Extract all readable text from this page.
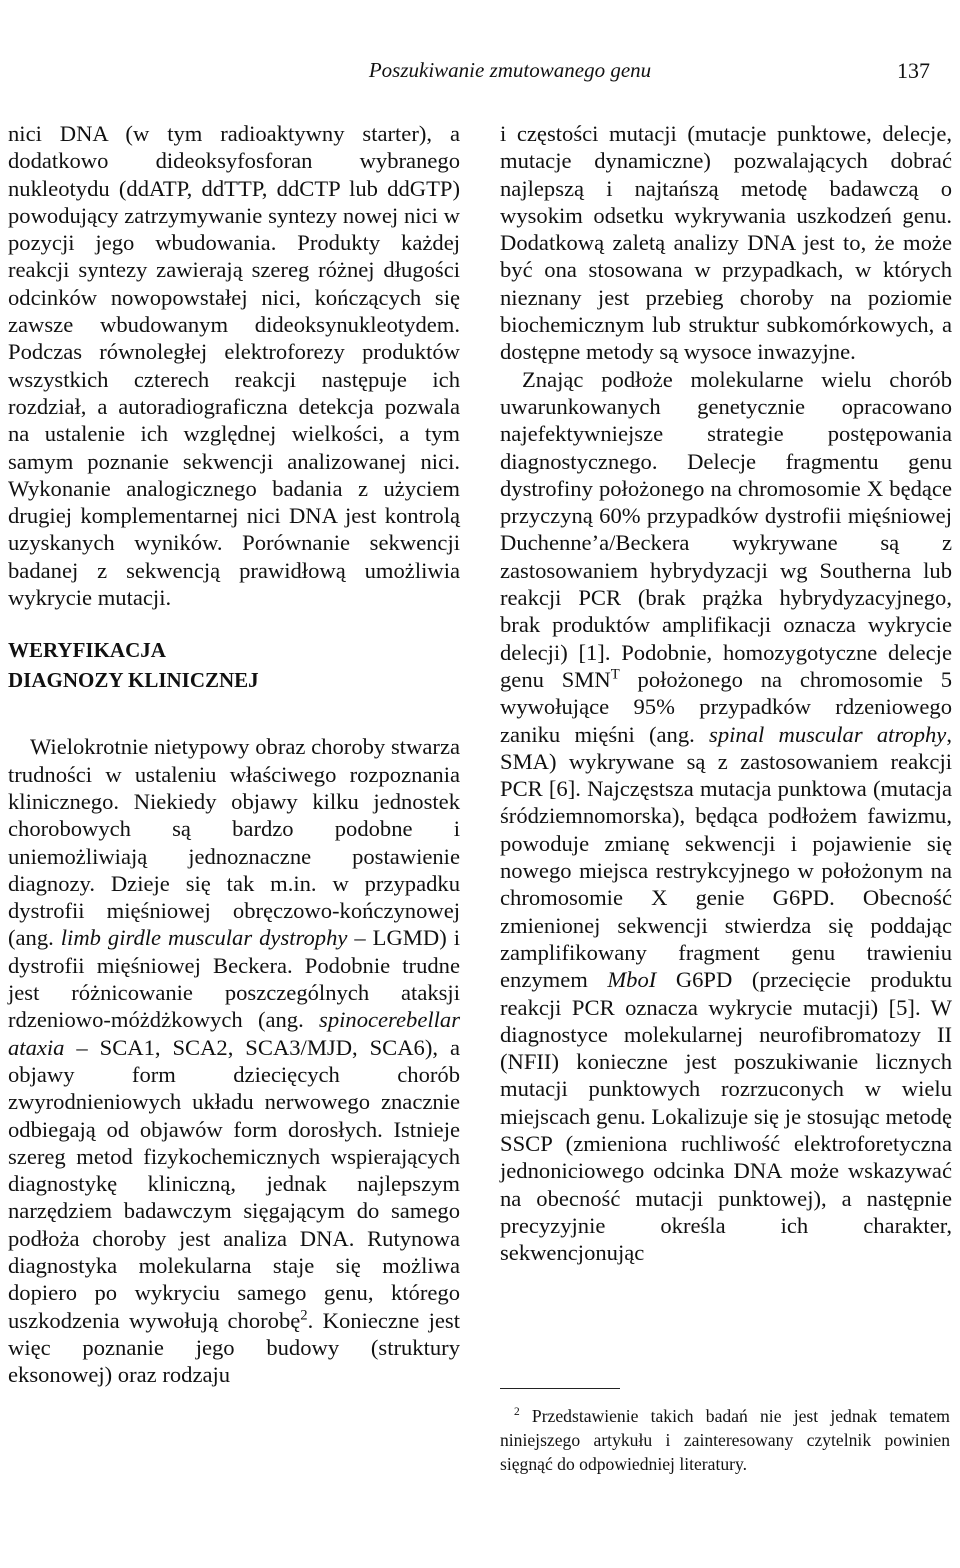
Poszukiwanie zmutowanego genu	137

nici DNA (w tym radioaktywny starter), a dodatkowo dideoksyfosforan wybranego nukleotydu (ddATP, ddTTP, ddCTP lub ddGTP) powodujący zatrzymywanie syntezy nowej nici w pozycji jego wbudowania. Produkty każdej reakcji syntezy zawierają szereg różnej długości odcinków nowopowstałej nici, kończących się zawsze wbudowanym dideoksynukleotydem. Podczas równoległej elektroforezy produktów wszystkich czterech reakcji następuje ich rozdział, a autoradiograficzna detekcja pozwala na ustalenie ich względnej wielkości, a tym samym poznanie sekwencji analizowanej nici. Wykonanie analogicznego badania z użyciem drugiej komplementarnej nici DNA jest kontrolą uzyskanych wyników. Porównanie sekwencji badanej z sekwencją prawidłową umożliwia wykrycie mutacji.

WERYFIKACJA
DIAGNOZY KLINICZNEJ

Wielokrotnie nietypowy obraz choroby stwarza trudności w ustaleniu właściwego rozpoznania klinicznego. Niekiedy objawy kilku jednostek chorobowych są bardzo podobne i uniemożliwiają jednoznaczne postawienie diagnozy. Dzieje się tak m.in. w przypadku dystrofii mięśniowej obręczowo-kończynowej (ang. limb girdle muscular dystrophy – LGMD) i dystrofii mięśniowej Beckera. Podobnie trudne jest różnicowanie poszczególnych ataksji rdzeniowo-móżdżkowych (ang. spinocerebellar ataxia – SCA1, SCA2, SCA3/MJD, SCA6), a objawy form dziecięcych chorób zwyrodnieniowych układu nerwowego znacznie odbiegają od objawów form dorosłych. Istnieje szereg metod fizykochemicznych wspierających diagnostykę kliniczną, jednak najlepszym narzędziem badawczym sięgającym do samego podłoża choroby jest analiza DNA. Rutynowa diagnostyka molekularna staje się możliwa dopiero po wykryciu samego genu, którego uszkodzenia wywołują chorobę$^2$. Konieczne jest więc poznanie jego budowy (struktury eksonowej) oraz rodzaju

i częstości mutacji (mutacje punktowe, delecje, mutacje dynamiczne) pozwalających dobrać najlepszą i najtańszą metodę badawczą o wysokim odsetku wykrywania uszkodzeń genu. Dodatkową zaletą analizy DNA jest to, że może być ona stosowana w przypadkach, w których nieznany jest przebieg choroby na poziomie biochemicznym lub struktur subkomórkowych, a dostępne metody są wysoce inwazyjne.

Znając podłoże molekularne wielu chorób uwarunkowanych genetycznie opracowano najefektywniejsze strategie postępowania diagnostycznego. Delecje fragmentu genu dystrofiny położonego na chromosomie X będące przyczyną 60% przypadków dystrofii mięśniowej Duchenne’a/Beckera wykrywane są z zastosowaniem hybrydyzacji wg Southerna lub reakcji PCR (brak prążka hybrydyzacyjnego, brak produktów amplifikacji oznacza wykrycie delecji) [1]. Podobnie, homozygotyczne delecje genu $SMN^T$ położonego na chromosomie 5 wywołujące 95% przypadków rdzeniowego zaniku mięśni (ang. spinal muscular atrophy, SMA) wykrywane są z zastosowaniem reakcji PCR [6]. Najczęstsza mutacja punktowa (mutacja śródziemnomorska), będąca podłożem fawizmu, powoduje zmianę sekwencji i pojawienie się nowego miejsca restrykcyjnego w położonym na chromosomie X genie G6PD. Obecność zmienionej sekwencji stwierdza się poddając zamplifikowany fragment genu trawieniu enzymem MboI G6PD (przecięcie produktu reakcji PCR oznacza wykrycie mutacji) [5]. W diagnostyce molekularnej neurofibromatozy II (NFII) konieczne jest poszukiwanie licznych mutacji punktowych rozrzuconych w wielu miejscach genu. Lokalizuje się je stosując metodę SSCP (zmieniona ruchliwość elektroforetyczna jednoniciowego odcinka DNA może wskazywać na obecność mutacji punktowej), a następnie precyzyjnie określa ich charakter, sekwencjonując

$^2$ Przedstawienie takich badań nie jest jednak tematem niniejszego artykułu i zainteresowany czytelnik powinien sięgnąć do odpowiedniej literatury.
